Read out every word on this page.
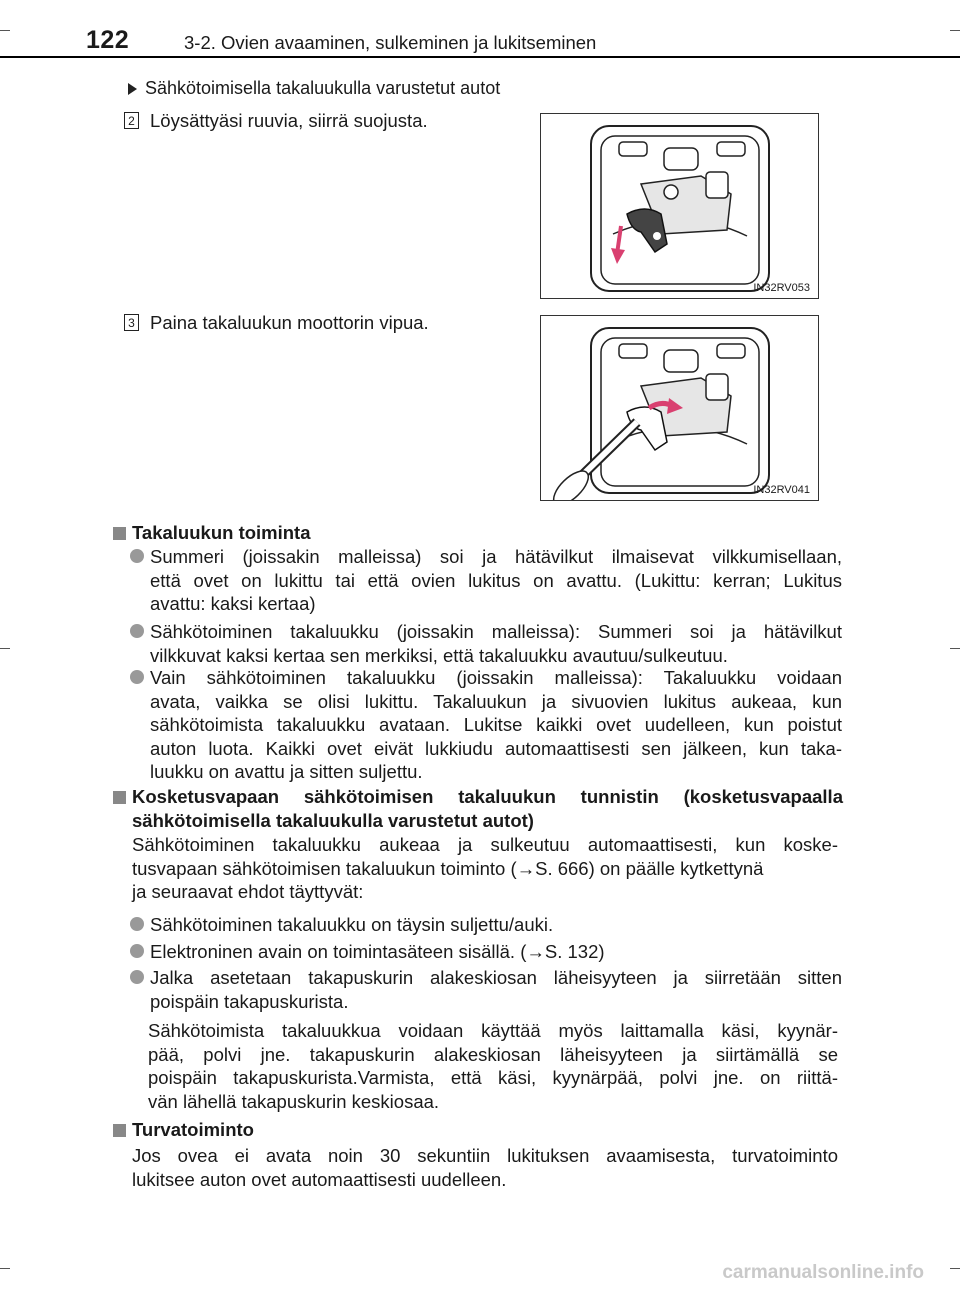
122	3-2. Ovien avaaminen, sulkeminen ja lukitseminen
Sähkötoimisella takaluukulla varustetut autot
2 Löysättyäsi ruuvia, siirrä suojusta.
IN32RV053
3 Paina takaluukun moottorin vipua.
IN32RV041
Takaluukun toiminta
Summeri (joissakin malleissa) soi ja hätävilkut ilmaisevat vilkkumisellaan,
että ovet on lukittu tai että ovien lukitus on avattu. (Lukittu: kerran; Lukitus
avattu: kaksi kertaa)
Sähkötoiminen takaluukku (joissakin malleissa): Summeri soi ja hätävilkut
vilkkuvat kaksi kertaa sen merkiksi, että takaluukku avautuu/sulkeutuu.
Vain sähkötoiminen takaluukku (joissakin malleissa): Takaluukku voidaan
avata, vaikka se olisi lukittu. Takaluukun ja sivuovien lukitus aukeaa, kun
sähkötoimista takaluukku avataan. Lukitse kaikki ovet uudelleen, kun poistut
auton luota. Kaikki ovet eivät lukkiudu automaattisesti sen jälkeen, kun taka-
luukku on avattu ja sitten suljettu.
Kosketusvapaan sähkötoimisen takaluukun tunnistin (kosketusvapaalla
sähkötoimisella takaluukulla varustetut autot)
Sähkötoiminen takaluukku aukeaa ja sulkeutuu automaattisesti, kun koske-
tusvapaan sähkötoimisen takaluukun toiminto (→S. 666) on päälle kytkettynä
ja seuraavat ehdot täyttyvät:
Sähkötoiminen takaluukku on täysin suljettu/auki.
Elektroninen avain on toimintasäteen sisällä. (→S. 132)
Jalka asetetaan takapuskurin alakeskiosan läheisyyteen ja siirretään sitten
poispäin takapuskurista.
Sähkötoimista takaluukkua voidaan käyttää myös laittamalla käsi, kyynär-
pää, polvi jne. takapuskurin alakeskiosan läheisyyteen ja siirtämällä se
poispäin takapuskurista.Varmista, että käsi, kyynärpää, polvi jne. on riittä-
vän lähellä takapuskurin keskiosaa.
Turvatoiminto
Jos ovea ei avata noin 30 sekuntiin lukituksen avaamisesta, turvatoiminto
lukitsee auton ovet automaattisesti uudelleen.
carmanualsonline.info
